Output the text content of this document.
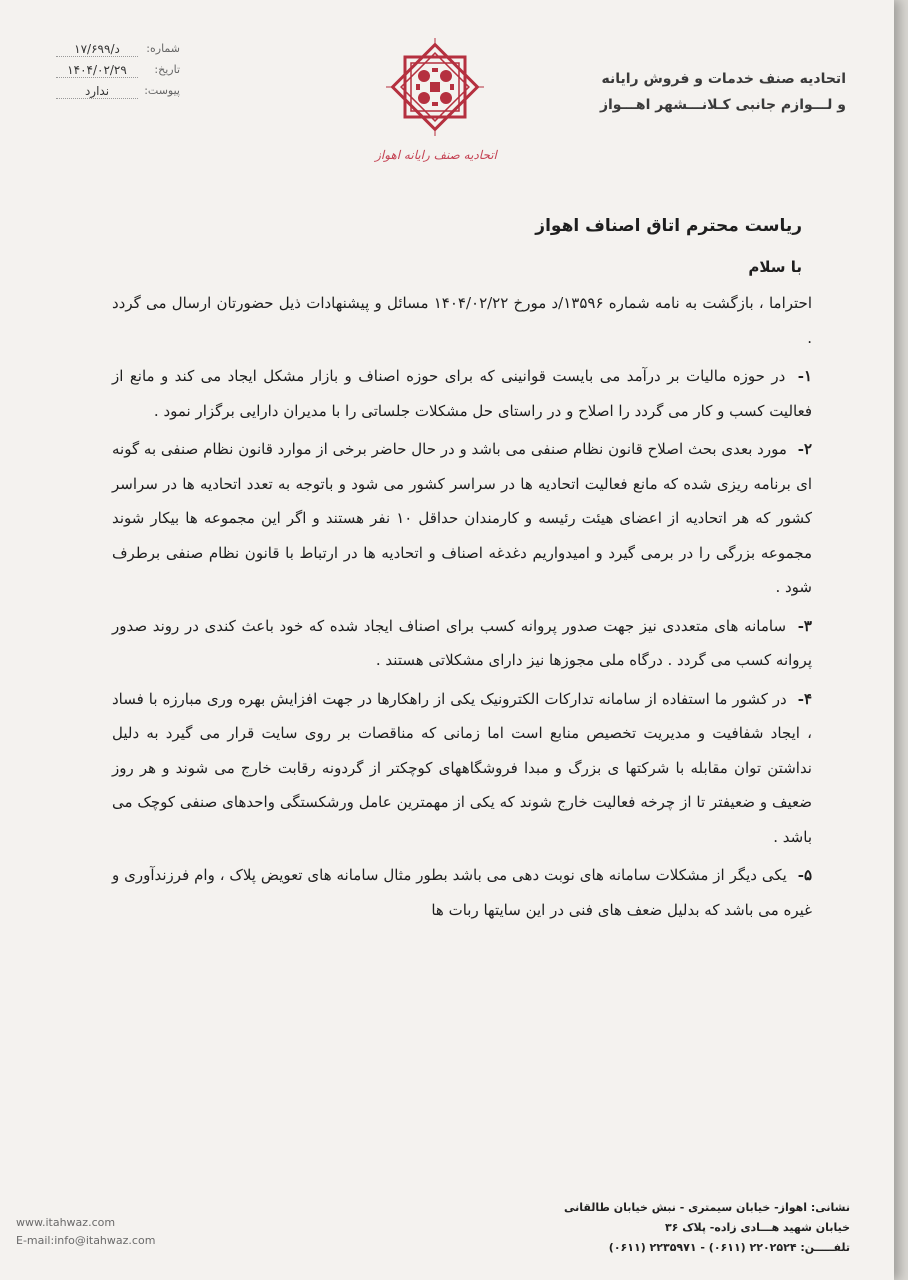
اتحادیه صنف خدمات و فروش رایانه
و لـــوازم جانبی کـلانـــشهر اهـــواز
اتحادیه صنف رایانه اهواز
شماره:
د/۱۷/۶۹۹
تاریخ:
۱۴۰۴/۰۲/۲۹
پیوست:
ندارد
ریاست محترم اتاق اصناف اهواز
با سلام

احتراما ، بازگشت به نامه شماره ۱۳۵۹۶/د مورخ ۱۴۰۴/۰۲/۲۲ مسائل و پیشنهادات ذیل حضورتان ارسال می گردد .

۱- در حوزه مالیات بر درآمد می بایست قوانینی که برای حوزه اصناف و بازار مشکل ایجاد می کند و مانع از فعالیت کسب و کار می گردد را اصلاح و در راستای حل مشکلات جلساتی را با مدیران دارایی برگزار نمود .

۲- مورد بعدی بحث اصلاح قانون نظام صنفی می باشد و در حال حاضر برخی از موارد قانون نظام صنفی به گونه ای برنامه ریزی شده که مانع فعالیت اتحادیه ها در سراسر کشور می شود و باتوجه به تعدد اتحادیه ها در سراسر کشور که هر اتحادیه از اعضای هیئت رئیسه و کارمندان حداقل ۱۰ نفر هستند و اگر این مجموعه ها بیکار شوند مجموعه بزرگی را در برمی گیرد و امیدواریم دغدغه اصناف و اتحادیه ها در ارتباط با قانون نظام صنفی برطرف شود .

۳- سامانه های متعددی نیز جهت صدور پروانه کسب برای اصناف ایجاد شده که خود باعث کندی در روند صدور پروانه کسب می گردد . درگاه ملی مجوزها نیز دارای مشکلاتی هستند .

۴- در کشور ما استفاده از سامانه تدارکات الکترونیک یکی از راهکارها در جهت افزایش بهره وری مبارزه با فساد ، ایجاد شفافیت و مدیریت تخصیص منابع است اما زمانی که مناقصات بر روی سایت قرار می گیرد به دلیل نداشتن توان مقابله با شرکتها ی بزرگ و مبدا فروشگاههای کوچکتر از گردونه رقابت خارج می شوند و هر روز ضعیف و ضعیفتر تا از چرخه فعالیت خارج شوند که یکی از مهمترین عامل ورشکستگی واحدهای صنفی کوچک می باشد .

۵- یکی دیگر از مشکلات سامانه های نوبت دهی می باشد بطور مثال سامانه های تعویض پلاک ، وام فرزندآوری و غیره می باشد که بدلیل ضعف های فنی در این سایتها ربات ها

نشانی: اهواز- خیابان سیمتری - نبش خیابان طالقانی
خیابان شهید هـــادی زاده- پلاک ۳۶
تلفـــــن: ۲۲۰۲۵۲۴ (۰۶۱۱) - ۲۲۳۵۹۷۱ (۰۶۱۱)
www.itahwaz.com
E-mail:info@itahwaz.com
